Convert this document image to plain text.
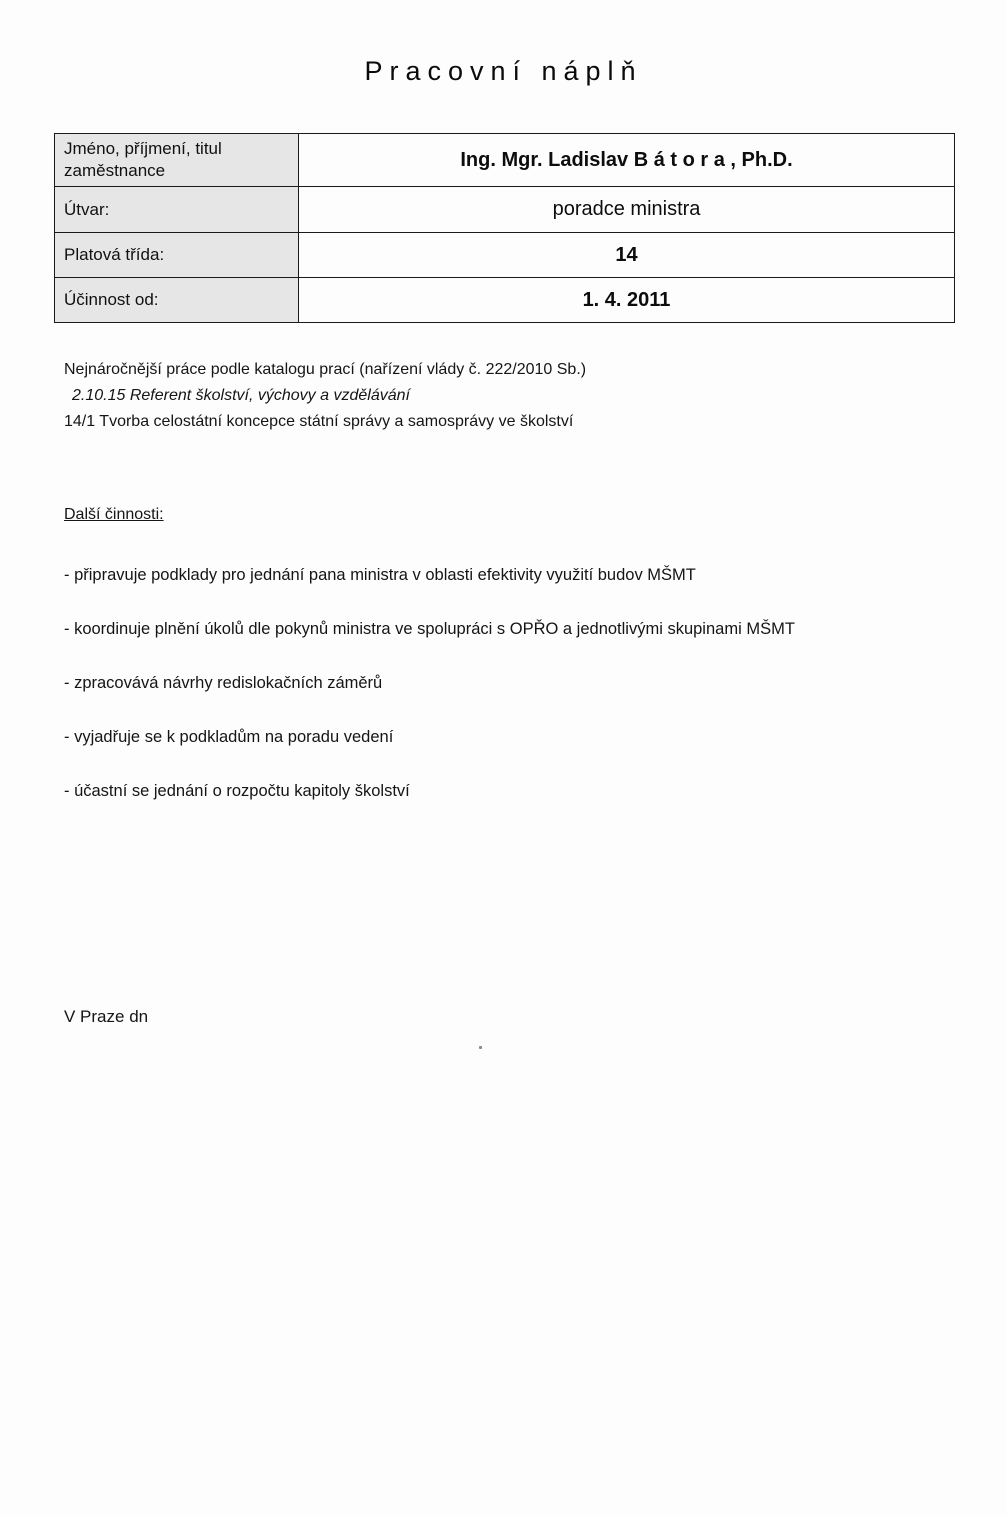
Pracovní náplň
Jméno, příjmení, titul zaměstnance	Ing. Mgr. Ladislav B á t o r a , Ph.D.
Útvar:	poradce ministra
Platová třída:	14
Účinnost od:	1. 4. 2011
Nejnáročnější práce podle katalogu prací (nařízení vlády č. 222/2010 Sb.)
2.10.15 Referent školství, výchovy a vzdělávání
14/1 Tvorba celostátní koncepce státní správy a samosprávy ve školství
Další činnosti:

- připravuje podklady pro jednání pana ministra v oblasti efektivity využití budov MŠMT

- koordinuje plnění úkolů dle pokynů ministra ve spolupráci s OPŘO a jednotlivými skupinami MŠMT

- zpracovává návrhy redislokačních záměrů

- vyjadřuje se k podkladům na poradu vedení

- účastní se jednání o rozpočtu kapitoly školství

V Praze dn
